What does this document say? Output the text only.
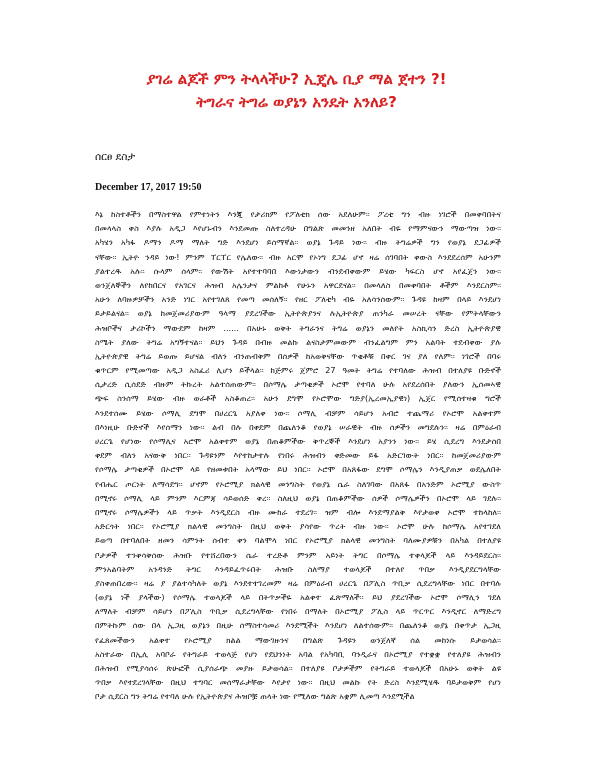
ያገሬ ልጆች ምን ትላላችሁ? ኢጄሌ ቢያ ማል ጀተን ?!
ትግራና ትግሬ ወያኔን አንዴት አንለይ?
ሰርፀ ደስታ
December 17, 2017 19:50
እኔ ከስተቶችን በማስተዋል የምተነትን እንጂ የታሪክም የፖለቲክ ሰው አደለሁም፡፡ ፖረቲ ግን ብዙ ነገሮች በመቀባበትና
በመላላስ ቀስ እያሉ አዲጋ እየሆኑብን እንደመጡ ስለተረዳሁ በግልጽ መመንዘ አለበት ብዬ የማምናውን ማውጣዝ ነው፡፡
አካሄን አካፋ ዶማን ዶማ ማለት ግድ እንደሆነ ይሰማኛል፡፡ ወያኔ ጉዳይ ነው፡፡ ብዙ ትግሬዎች ግን የወያኔ ደጋፊዎች
ናቸው፡፡ ኢትዮ ንዳይ ነው! ምንም ፐርፐር የሌለው፡፡ ብዙ አርሞ የኦነግ ደጋፊ ሆኖ ዛሬ ሰገባበት ቀውስ እንደደረሰም አሁንም
ያልተረዱ አሉ፡፡ ሱላም ሰላም፡፡ የውሽት አየተተባባበ እውነታውን ብንደብቀውም ይሄው ካፍርስ ሆኖ አየፈጀን ነው፡፡
ወንጀለኞችን ለየከበርና የአገርና ሕዝብ አሌንታና ምልከቶ የሁኑን አዋርደናል፡፡ በመላለስ በመቀባበት ቶችም እንደርስም፡፡
አሁን ለባዙዎቻችን አንድ ነገር አየተገለጸ የመጣ መሰለኝ፡፡ የዘር ፖለቲካ ብዬ አለሳንሰውም፡፡ ጉዳዩ ከዛም በላይ እንደሆነ
ይታይልናል፡፡ ወያኔ ከመጀመሪያውም ዓላማ ያደረገችው ኢትዮጵያንና ሉኢትዮጵያ ጠንካራ መሠረት ናቸው የምትላቸውን
ሕዝቦችና ታሪኮችን ማውደም ከዛም ...... በአሁኑ ወቅት ትግራንና ትግሬ ወያኔን መለየት አስኪሳን ድረስ ኢትዮጵያዊ
ስሜት ያለው ትግሬ አግኝተናል፡፡ ይህን ጉዳይ በብዙ መልኩ ልናስታምመውም ብንፈልግም ምን አልባት ተደብቀው ያሉ
ኢትዮጵያዊ ትግሬ ይወጡ ይሆናል ብለን ብንጠብቅም በሰዎች ከአወቅናቸው ጥቂቶቹ በቀር ገና ያለ የለም፡፡ ነገሮች በባሩ
ቁጥርም የሚመጣው አዲጋ አስፈሪ ሊሆን ይችላል፡፡ ከጅምሩ ጀምሮ 27 ዓመት ትግሬ የተባለው ሕዝብ በተለያዩ ቡድኖች
ሲታረድ ሲሰደድ ብዙም ትኩረት አልተሰጠውም፡፡ በሶማሌ ታጣቂዎች ኦሮሞ የተባለ ሁሉ አየደረሰበት ያለውን ኢሰመኣዊ
ጭፍ ስንሰማ ይሄው ብዙ ወራቶች አስቆጠረ፡፡ አሁን ደግሞ የኦሮሞው ግድያ(ኢረመኢያዊነ) ኢጀር የሚሰተዛቁ ግሮች
እንደተሰሙ ይሄው ሶማሊ ደግሞ በሀረርጌ አያለቀ ነው፡፡ ሶማሊ ብቻም ሳይሆን አብሮ ተጨማሪ የኦሮሞ አልቀተም
በእነዚሁ ቡድኖች እየሰማን ነው፡፡ ልብ በሉ በቀደም በጨለንቆ የወያኔ ሠራዊት ብዙ ሰዎችን መግደሉን፡፡ ዛሬ በምዕራብ
ሀረርጌ የሆነው የሶማሊና አሮሞ አልቀተም ወያኔ በጠቆምችው ቅጥረኞች እንደሆነ አያንን ነው፡፡ ይሄ ሲደረግ እንደታሰበ
ቀደም ብለን አናውቅ ነበር፡፡ ጉዳዩንም እየተከታተሉ የነበሩ ሕዝብን ቀድመው ይፋ አድርገውት ነበር፡፡ ከመጀመሪያውም
የሶማሌ ታጣቂዎች በኦሮሞ ላይ የዘመቱበት አላማው ይህ ነበር፡፡ ኦሮሞ በአጸፋው ደግሞ ሶማሌን እንዲያጠቃ ወደሌለበት
የብሔር ጦርነት ለማሳደግ፡፡ ሆኖም የኦሮሚያ ክልላዊ መንግስት የወያኔ ሴራ ስለገባው በአጸፋ በአንድም ኦሮሚያ ውስጥ
በሚኖሩ ሶማሊ ላይ ምንም እርምጃ ሳይወሰድ ቀረ፡፡ ስለዚህ ወያኔ በጠቆምችው ሰዎች ሶማሌዎችን በኦሮሞ ላይ ገደሉ፡፡
በሚኖሩ ሶማሌዎችን ላይ ጥቃት እንዲደርስ ብዙ ሙከራ ተደረገ፡፡ ዝም ብሎ እንደማያልቅ እየታወቀ ኦሮሞ ተከላከለ፡፡
አድርጎት ነበር፡፡ የኦሮሚያ ክልላዊ መንግስት በዚህ ወቅት ያሳየው ጥረት ብዙ ነው፡፡ ኦሮሞ ሁሉ ከሶማሌ አየተገደለ
ይወጣ በተባለበት ዘመን ሳምንት ሰብተ ቀን ባልሞላ ነበር የኦሮሚያ ክልላዊ መንግስት ባለሙያዎቹን በአካል በተለያዩ
ቦታዎች ተንቀሳቅሰው ሕዝቡ የተሸረበውን ሴራ ተረድቶ ምንም አይነት ትግር በሶማሌ ተቀላጆች ላይ እንዳይደርስ፡፡
ምንአልባትም አንዳንድ ትግር እንዳይፈጥሩበት ሕዝቡ ስለማያ ተወላጆች በተለየ ጥበቃ እንዲያደርግላቸው
ያስቀጠበረው፡፡ ዛሬ ያ ያልተሳካለት ወያኔ እንደተተገረመም ዛሬ በምዕራብ ሀረርጌ በፖሊስ ጥቢቃ ሲደረግላቸው ነበር በተባሉ
(ወያኔ ነች ያላችው) የሶማሌ ተወላጆች ላይ በትጥቃችዬ አልቀተ ፈጽማለች፡፡ ይህ ያደረገችው ኦሮሞ ሶማሊን ገደለ
ለማለት ብቻም ሳይሆን በፖሊስ ጥቢቃ ሲደረግላቸው የነበሩ በማለት በኦሮሚያ ፖሊስ ላይ ጥርጥር እንዲኖር ለማድረግ
በምትኩም ሰው በላ ኢጋዚ ወያኔን በዚሁ ሰማስተሳመሪ እንደሚችት እንደሆነ ለልተሰውም፡፡ በጨለንቆ ወያኔ በቀጥታ ኢጋዚ
የፈጸመችውን አልቀተ የኦሮሚያ ክልል ማውገዙንና በግልጽ ጉዳዩን ወንጀለኛ ሰል መከነሱ ይታወሳል፡፡
አስተራው በኢሊ አባቦራ የትግራይ ተወላጅ የሆነ የደህንነት አባል የአካባቢ ባንዲራና በኦሮሚያ የተቋቋ የተለያዩ ሕዝብን
በሕዝብ የሚያሳሰሩ ጽሁፎች ሲያሰራጭ መያዙ ይታወሳል፡፡ በተለያዩ ቦታዎችም የትግራይ ተወላጆች በአሁኑ ወቅት ልዩ
ጥበቃ እየተደረገላቸው በዚህ ተግባር መሰማራታቸው እየታየ ነው፡፡ በዚህ መልኩ የት ድረስ እንደሚሄዱ ባይታወቅም የሆነ
ቦታ ሲደርስ ግን ትግሬ የተባለ ሁሉ የኢትዮጵያና ሕዝቦቿ ጠላት ነው የሚለው ግልጽ አቋም ሊመጣ እንደሚችል
